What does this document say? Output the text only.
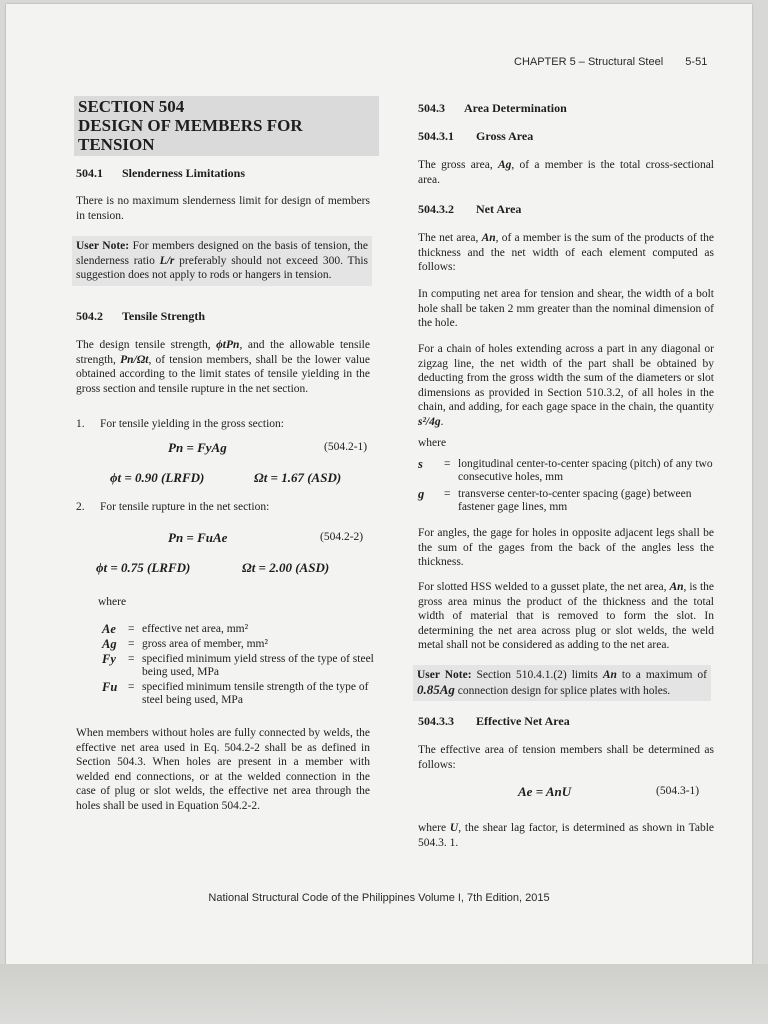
CHAPTER 5 – Structural Steel 5-51
SECTION 504
DESIGN OF MEMBERS FOR
TENSION
504.1 Slenderness Limitations

There is no maximum slenderness limit for design of members in tension.

User Note: For members designed on the basis of tension, the slenderness ratio L/r preferably should not exceed 300. This suggestion does not apply to rods or hangers in tension.
504.2 Tensile Strength

The design tensile strength, ϕtPn, and the allowable tensile strength, Pn/Ωt, of tension members, shall be the lower value obtained according to the limit states of tensile yielding in the gross section and tensile rupture in the net section.

1.	For tensile yielding in the gross section:
Pn = FyAg	(504.2-1)
ϕt = 0.90 (LRFD)	Ωt = 1.67 (ASD)
2.	For tensile rupture in the net section:
Pn = FuAe	(504.2-2)
ϕt = 0.75 (LRFD)	Ωt = 2.00 (ASD)
where
Ae	= effective net area, mm²
Ag = gross area of member, mm²
Fy	= specified minimum yield stress of the type of steel being used, MPa
Fu = specified minimum tensile strength of the type of steel being used, MPa

When members without holes are fully connected by welds, the effective net area used in Eq. 504.2-2 shall be as defined in Section 504.3. When holes are present in a member with welded end connections, or at the welded connection in the case of plug or slot welds, the effective net area through the holes shall be used in Equation 504.2-2.

504.3 Area Determination
504.3.1 Gross Area

The gross area, Ag, of a member is the total cross-sectional area.

504.3.2 Net Area

The net area, An, of a member is the sum of the products of the thickness and the net width of each element computed as follows:

In computing net area for tension and shear, the width of a bolt hole shall be taken 2 mm greater than the nominal dimension of the hole.

For a chain of holes extending across a part in any diagonal or zigzag line, the net width of the part shall be obtained by deducting from the gross width the sum of the diameters or slot dimensions as provided in Section 510.3.2, of all holes in the chain, and adding, for each gage space in the chain, the quantity s²/4g.

where
s	= longitudinal center-to-center spacing (pitch) of any two consecutive holes, mm
g	= transverse center-to-center spacing (gage) between fastener gage lines, mm

For angles, the gage for holes in opposite adjacent legs shall be the sum of the gages from the back of the angles less the thickness.

For slotted HSS welded to a gusset plate, the net area, An, is the gross area minus the product of the thickness and the total width of material that is removed to form the slot. In determining the net area across plug or slot welds, the weld metal shall not be considered as adding to the net area.

User Note: Section 510.4.1.(2) limits An to a maximum of 0.85Ag connection design for splice plates with holes.
504.3.3 Effective Net Area

The effective area of tension members shall be determined as follows:

Ae = AnU	(504.3-1)

where U, the shear lag factor, is determined as shown in Table 504.3. 1.

National Structural Code of the Philippines Volume I, 7th Edition, 2015
